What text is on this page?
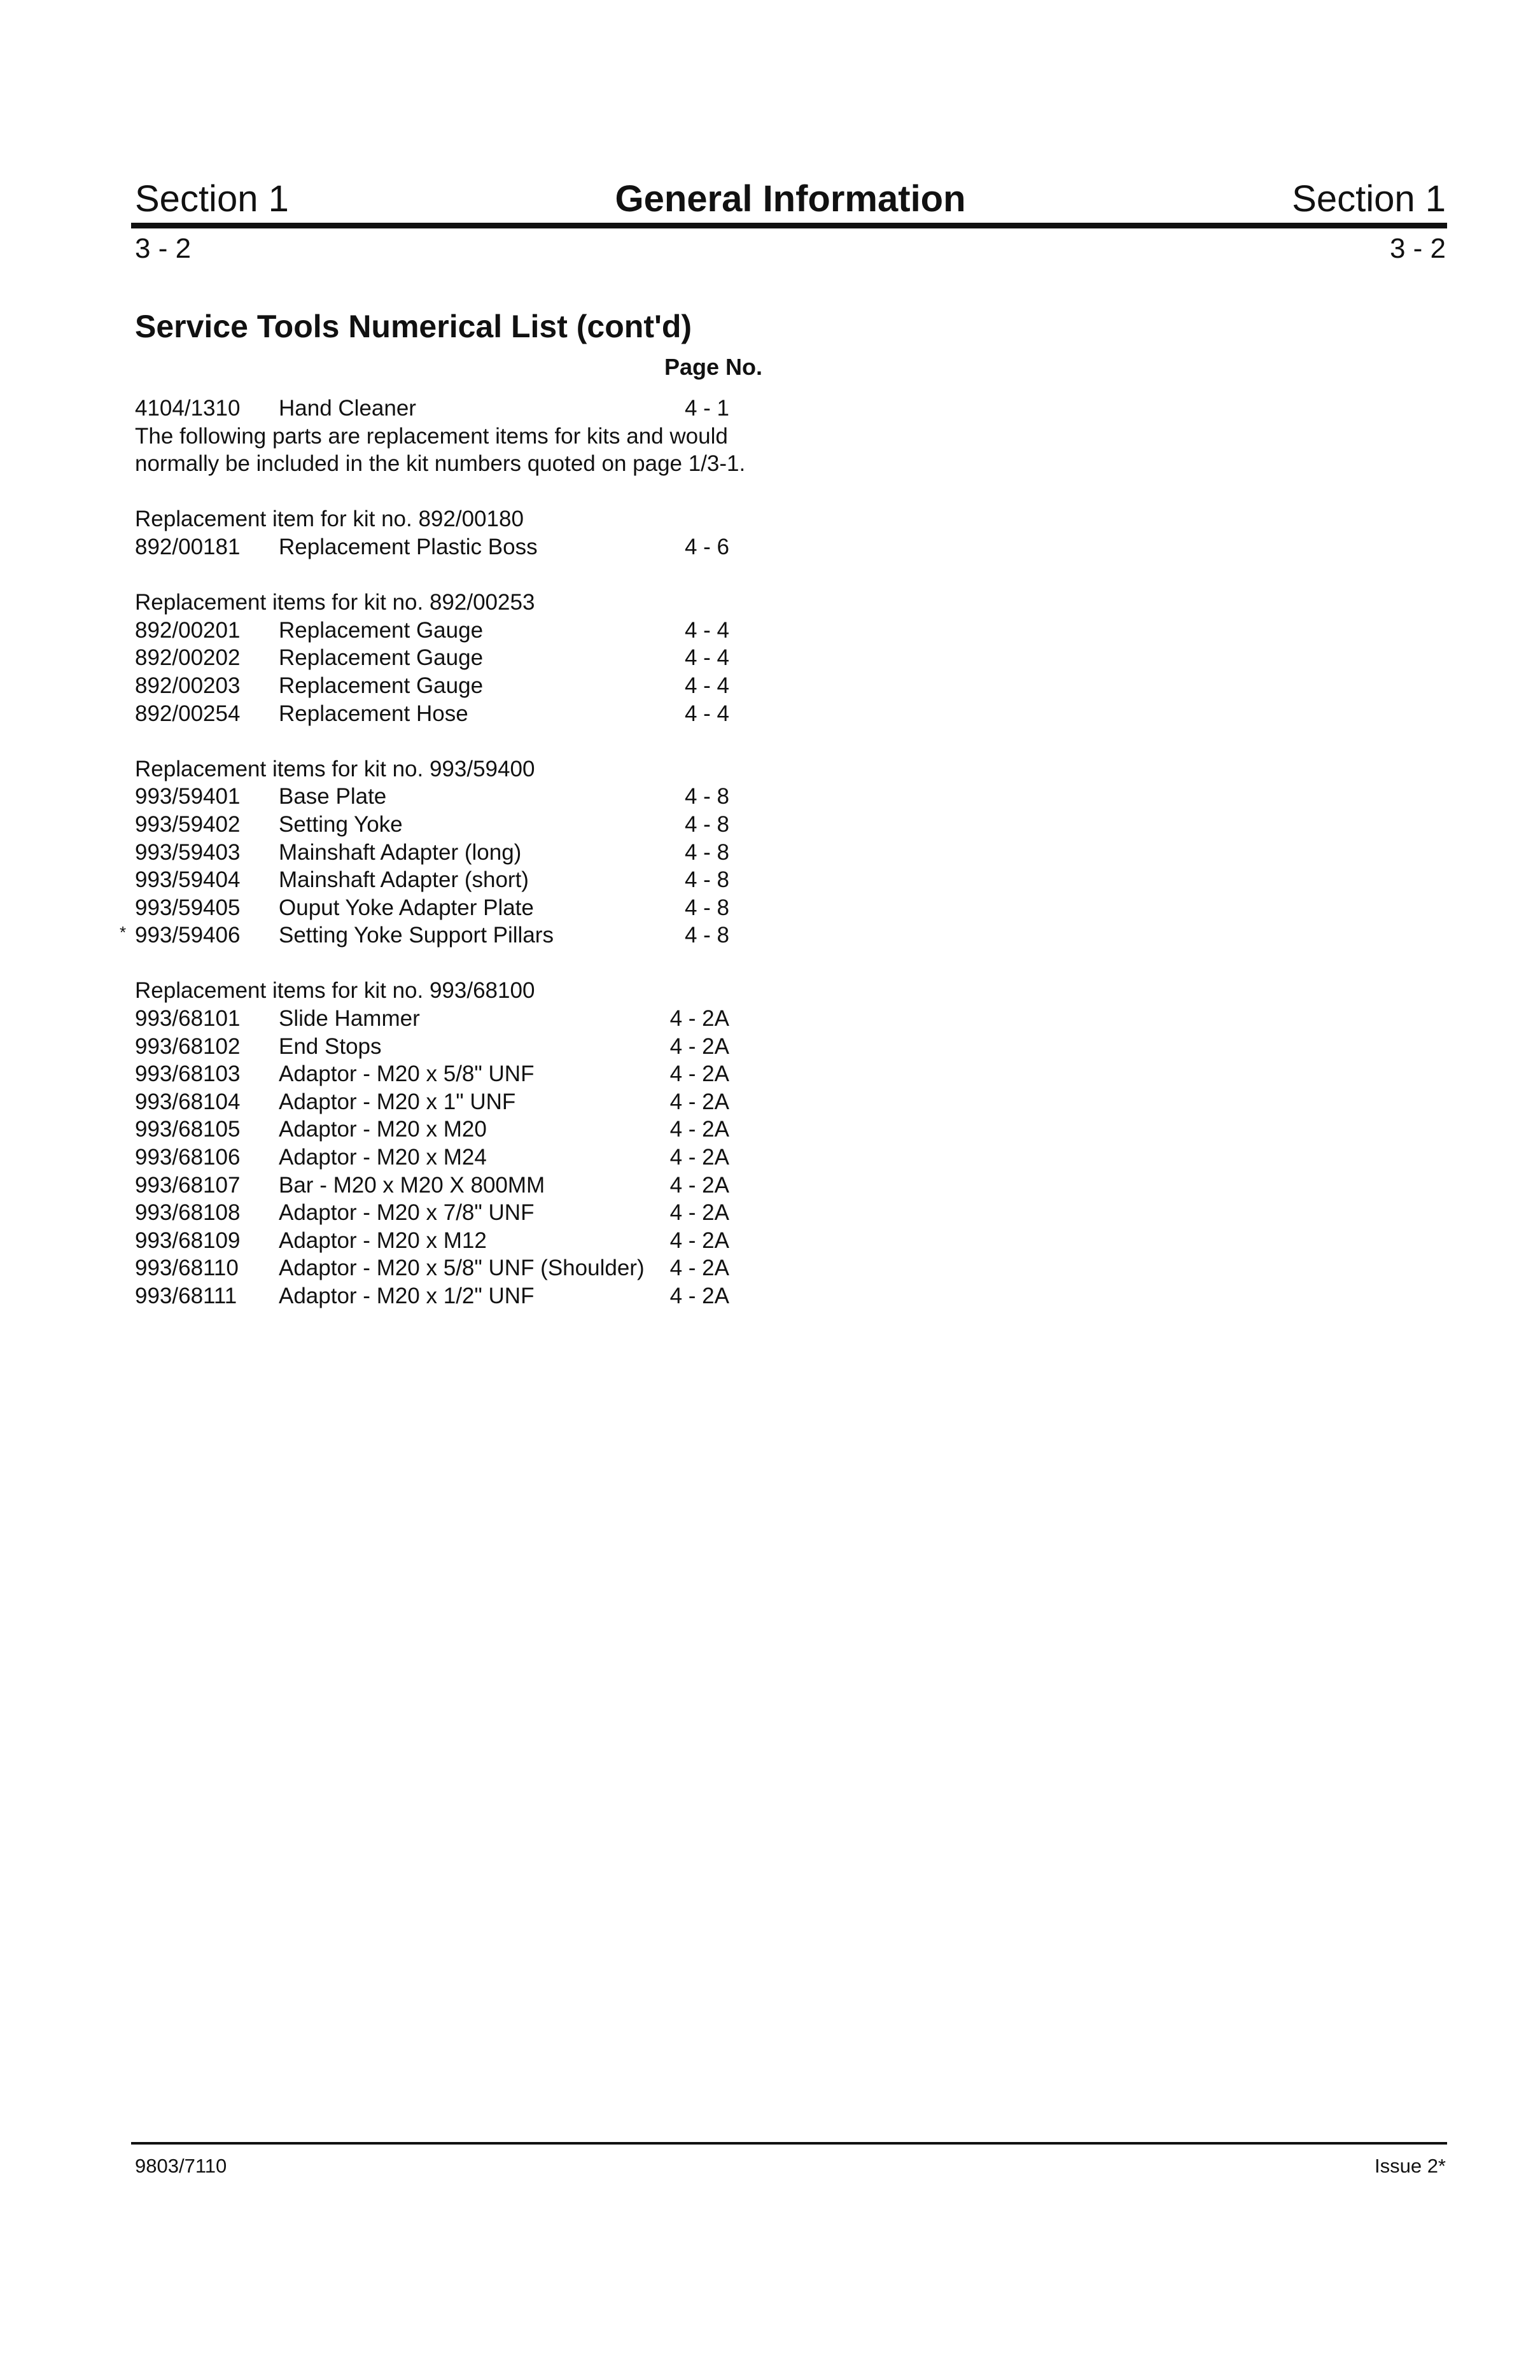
Section 1	General Information	Section 1
3 - 2	3 - 2
Service Tools Numerical List (cont'd)
Page No.
4104/1310 Hand Cleaner	4 - 1
The following parts are replacement items for kits and would normally be included in the kit numbers quoted on page 1/3-1.
Replacement item for kit no. 892/00180
892/00181 Replacement Plastic Boss	4 - 6
Replacement items for kit no. 892/00253
892/00201 Replacement Gauge	4 - 4
892/00202 Replacement Gauge	4 - 4
892/00203 Replacement Gauge	4 - 4
892/00254 Replacement Hose	4 - 4
Replacement items for kit no. 993/59400
993/59401 Base Plate	4 - 8
993/59402 Setting Yoke	4 - 8
993/59403 Mainshaft Adapter (long)	4 - 8
993/59404 Mainshaft Adapter (short)	4 - 8
993/59405 Ouput Yoke Adapter Plate	4 - 8
* 993/59406 Setting Yoke Support Pillars	4 - 8
Replacement items for kit no. 993/68100
993/68101 Slide Hammer	4 - 2A
993/68102 End Stops	4 - 2A
993/68103 Adaptor - M20 x 5/8" UNF	4 - 2A
993/68104 Adaptor - M20 x 1" UNF	4 - 2A
993/68105 Adaptor - M20 x M20	4 - 2A
993/68106 Adaptor - M20 x M24	4 - 2A
993/68107 Bar - M20 x M20 X 800MM	4 - 2A
993/68108 Adaptor - M20 x 7/8" UNF	4 - 2A
993/68109 Adaptor - M20 x M12	4 - 2A
993/68110 Adaptor - M20 x 5/8" UNF (Shoulder)	4 - 2A
993/68111 Adaptor - M20 x 1/2" UNF	4 - 2A
9803/7110	Issue 2*
